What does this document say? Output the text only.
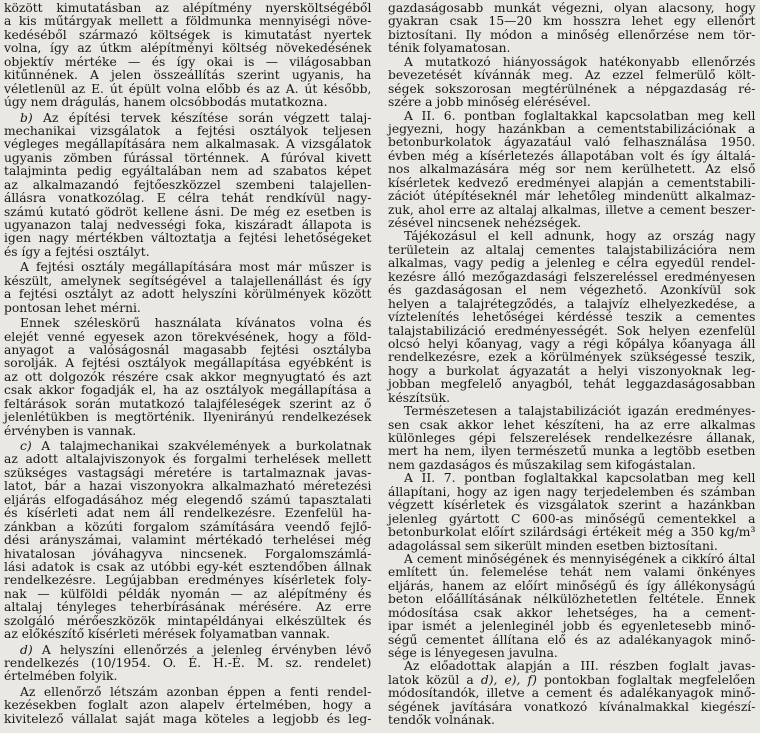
között kimutatásban az alépítmény nyersköltségéből
a kis műtárgyak mellett a földmunka mennyiségi növe-
kedéséből származó költségek is kimutatást nyertek
volna, így az útkm alépítményi költség növekedésének
objektív mértéke — és így okai is — világosabban
kitűnnének. A jelen összeállítás szerint ugyanis, ha
véletlenül az E. út épült volna előbb és az A. út később,
úgy nem drágulás, hanem olcsóbbodás mutatkozna.
b) Az építési tervek készítése során végzett talaj-
mechanikai vizsgálatok a fejtési osztályok teljesen
végleges megállapítására nem alkalmasak. A vizsgálatok
ugyanis zömben fúrással történnek. A fúróval kivett
talajminta pedig egyáltalában nem ad szabatos képet
az alkalmazandó fejtőeszközzel szembeni talajellen-
állásra vonatkozólag. E célra tehát rendkívül nagy-
számú kutató gödröt kellene ásni. De még ez esetben is
ugyanazon talaj nedvességi foka, kiszáradt állapota is
igen nagy mértékben változtatja a fejtési lehetőségeket
és így a fejtési osztályt.
A fejtési osztály megállapítására most már műszer is
készült, amelynek segítségével a talajellenállást és így
a fejtési osztályt az adott helyszíni körülmények között
pontosan lehet mérni.
Ennek széleskörű használata kívánatos volna és
elejét venné egyesek azon törekvésének, hogy a föld-
anyagot a valóságosnál magasabb fejtési osztályba
sorolják. A fejtési osztályok megállapítása egyébként is
az ott dolgozók részére csak akkor megnyugtató és azt
csak akkor fogadják el, ha az osztályok megállapítása a
feltárások során mutatkozó talajféleségek szerint az ő
jelenlétükben is megtörténik. Ilyenirányú rendelkezések
érvényben is vannak.
c) A talajmechanikai szakvélemények a burkolatnak
az adott altalajviszonyok és forgalmi terhelések mellett
szükséges vastagsági méretére is tartalmaznak javas-
latot, bár a hazai viszonyokra alkalmazható méretezési
eljárás elfogadásához még elegendő számú tapasztalati
és kísérleti adat nem áll rendelkezésre. Ezenfelül ha-
zánkban a közúti forgalom számítására veendő fejlő-
dési arányszámai, valamint mértékadó terhelései még
hivatalosan jóváhagyva nincsenek. Forgalomszámlá-
lási adatok is csak az utóbbi egy-két esztendőben állnak
rendelkezésre. Legújabban eredményes kísérletek foly-
nak — külföldi példák nyomán — az alépítmény és
altalaj tényleges teherbírásának mérésére. Az erre
szolgáló mérőeszközök mintapéldányai elkészültek és
az előkészítő kísérleti mérések folyamatban vannak.
d) A helyszíni ellenőrzés a jelenleg érvényben lévő
rendelkezés (10/1954. O. É. H.-É. M. sz. rendelet)
értelmében folyik.
Az ellenőrző létszám azonban éppen a fenti rendel-
kezésekben foglalt azon alapelv értelmében, hogy a
kivitelező vállalat saját maga köteles a legjobb és leg-
gazdaságosabb munkát végezni, olyan alacsony, hogy
gyakran csak 15—20 km hosszra lehet egy ellenőrt
biztosítani. Ily módon a minőség ellenőrzése nem tör-
ténik folyamatosan.
A mutatkozó hiányosságok hatékonyabb ellenőrzés
bevezetését kívánnák meg. Az ezzel felmerülő költ-
ségek sokszorosan megtérülnének a népgazdaság ré-
szére a jobb minőség elérésével.
A II. 6. pontban foglaltakkal kapcsolatban meg kell
jegyezni, hogy hazánkban a cementstabilizációnak a
betonburkolatok ágyazatául való felhasználása 1950.
évben még a kísérletezés állapotában volt és így általá-
nos alkalmazására még sor nem kerülhetett. Az első
kísérletek kedvező eredményei alapján a cementstabili-
zációt útépítéseknél már lehetőleg mindenütt alkalmaz-
zuk, ahol erre az altalaj alkalmas, illetve a cement beszer-
zésével nincsenek nehézségek.
Tájékozásul el kell adnunk, hogy az ország nagy
területein az altalaj cementes talajstabilizációra nem
alkalmas, vagy pedig a jelenleg e célra egyedül rendel-
kezésre álló mezőgazdasági felszereléssel eredményesen
és gazdaságosan el nem végezhető. Azonkívül sok
helyen a talajrétegződés, a talajvíz elhelyezkedése, a
víztelenítés lehetőségei kérdéssé teszik a cementes
talajstabilizáció eredményességét. Sok helyen ezenfelül
olcsó helyi kőanyag, vagy a régi kőpálya kőanyaga áll
rendelkezésre, ezek a körülmények szükségessé teszik,
hogy a burkolat ágyazatát a helyi viszonyoknak leg-
jobban megfelelő anyagból, tehát leggazdaságosabban
készítsük.
Természetesen a talajstabilizációt igazán eredményes-
sen csak akkor lehet készíteni, ha az erre alkalmas
különleges gépi felszerelések rendelkezésre állanak,
mert ha nem, ilyen természetű munka a legtöbb esetben
nem gazdaságos és műszakilag sem kifogástalan.
A II. 7. pontban foglaltakkal kapcsolatban meg kell
állapítani, hogy az igen nagy terjedelemben és számban
végzett kísérletek és vizsgálatok szerint a hazánkban
jelenleg gyártott C 600-as minőségű cementekkel a
betonburkolat előírt szilárdsági értékeit még a 350 kg/m³
adagolással sem sikerült minden esetben biztosítani.
A cement minőségének és mennyiségének a cikkíró által
említett ún. felemelése tehát nem valami önkényes
eljárás, hanem az előírt minőségű és így állékonyságú
beton előállításának nélkülözhetetlen feltétele. Ennek
módosítása csak akkor lehetséges, ha a cement-
ipar ismét a jelenleginél jobb és egyenletesebb minő-
ségű cementet állítana elő és az adalékanyagok minő-
sége is lényegesen javulna.
Az előadottak alapján a III. részben foglalt javas-
latok közül a d), e), f) pontokban foglaltak megfelelően
módosítandók, illetve a cement és adalékanyagok minő-
ségének javítására vonatkozó kívánalmakkal kiegészí-
tendők volnának.
